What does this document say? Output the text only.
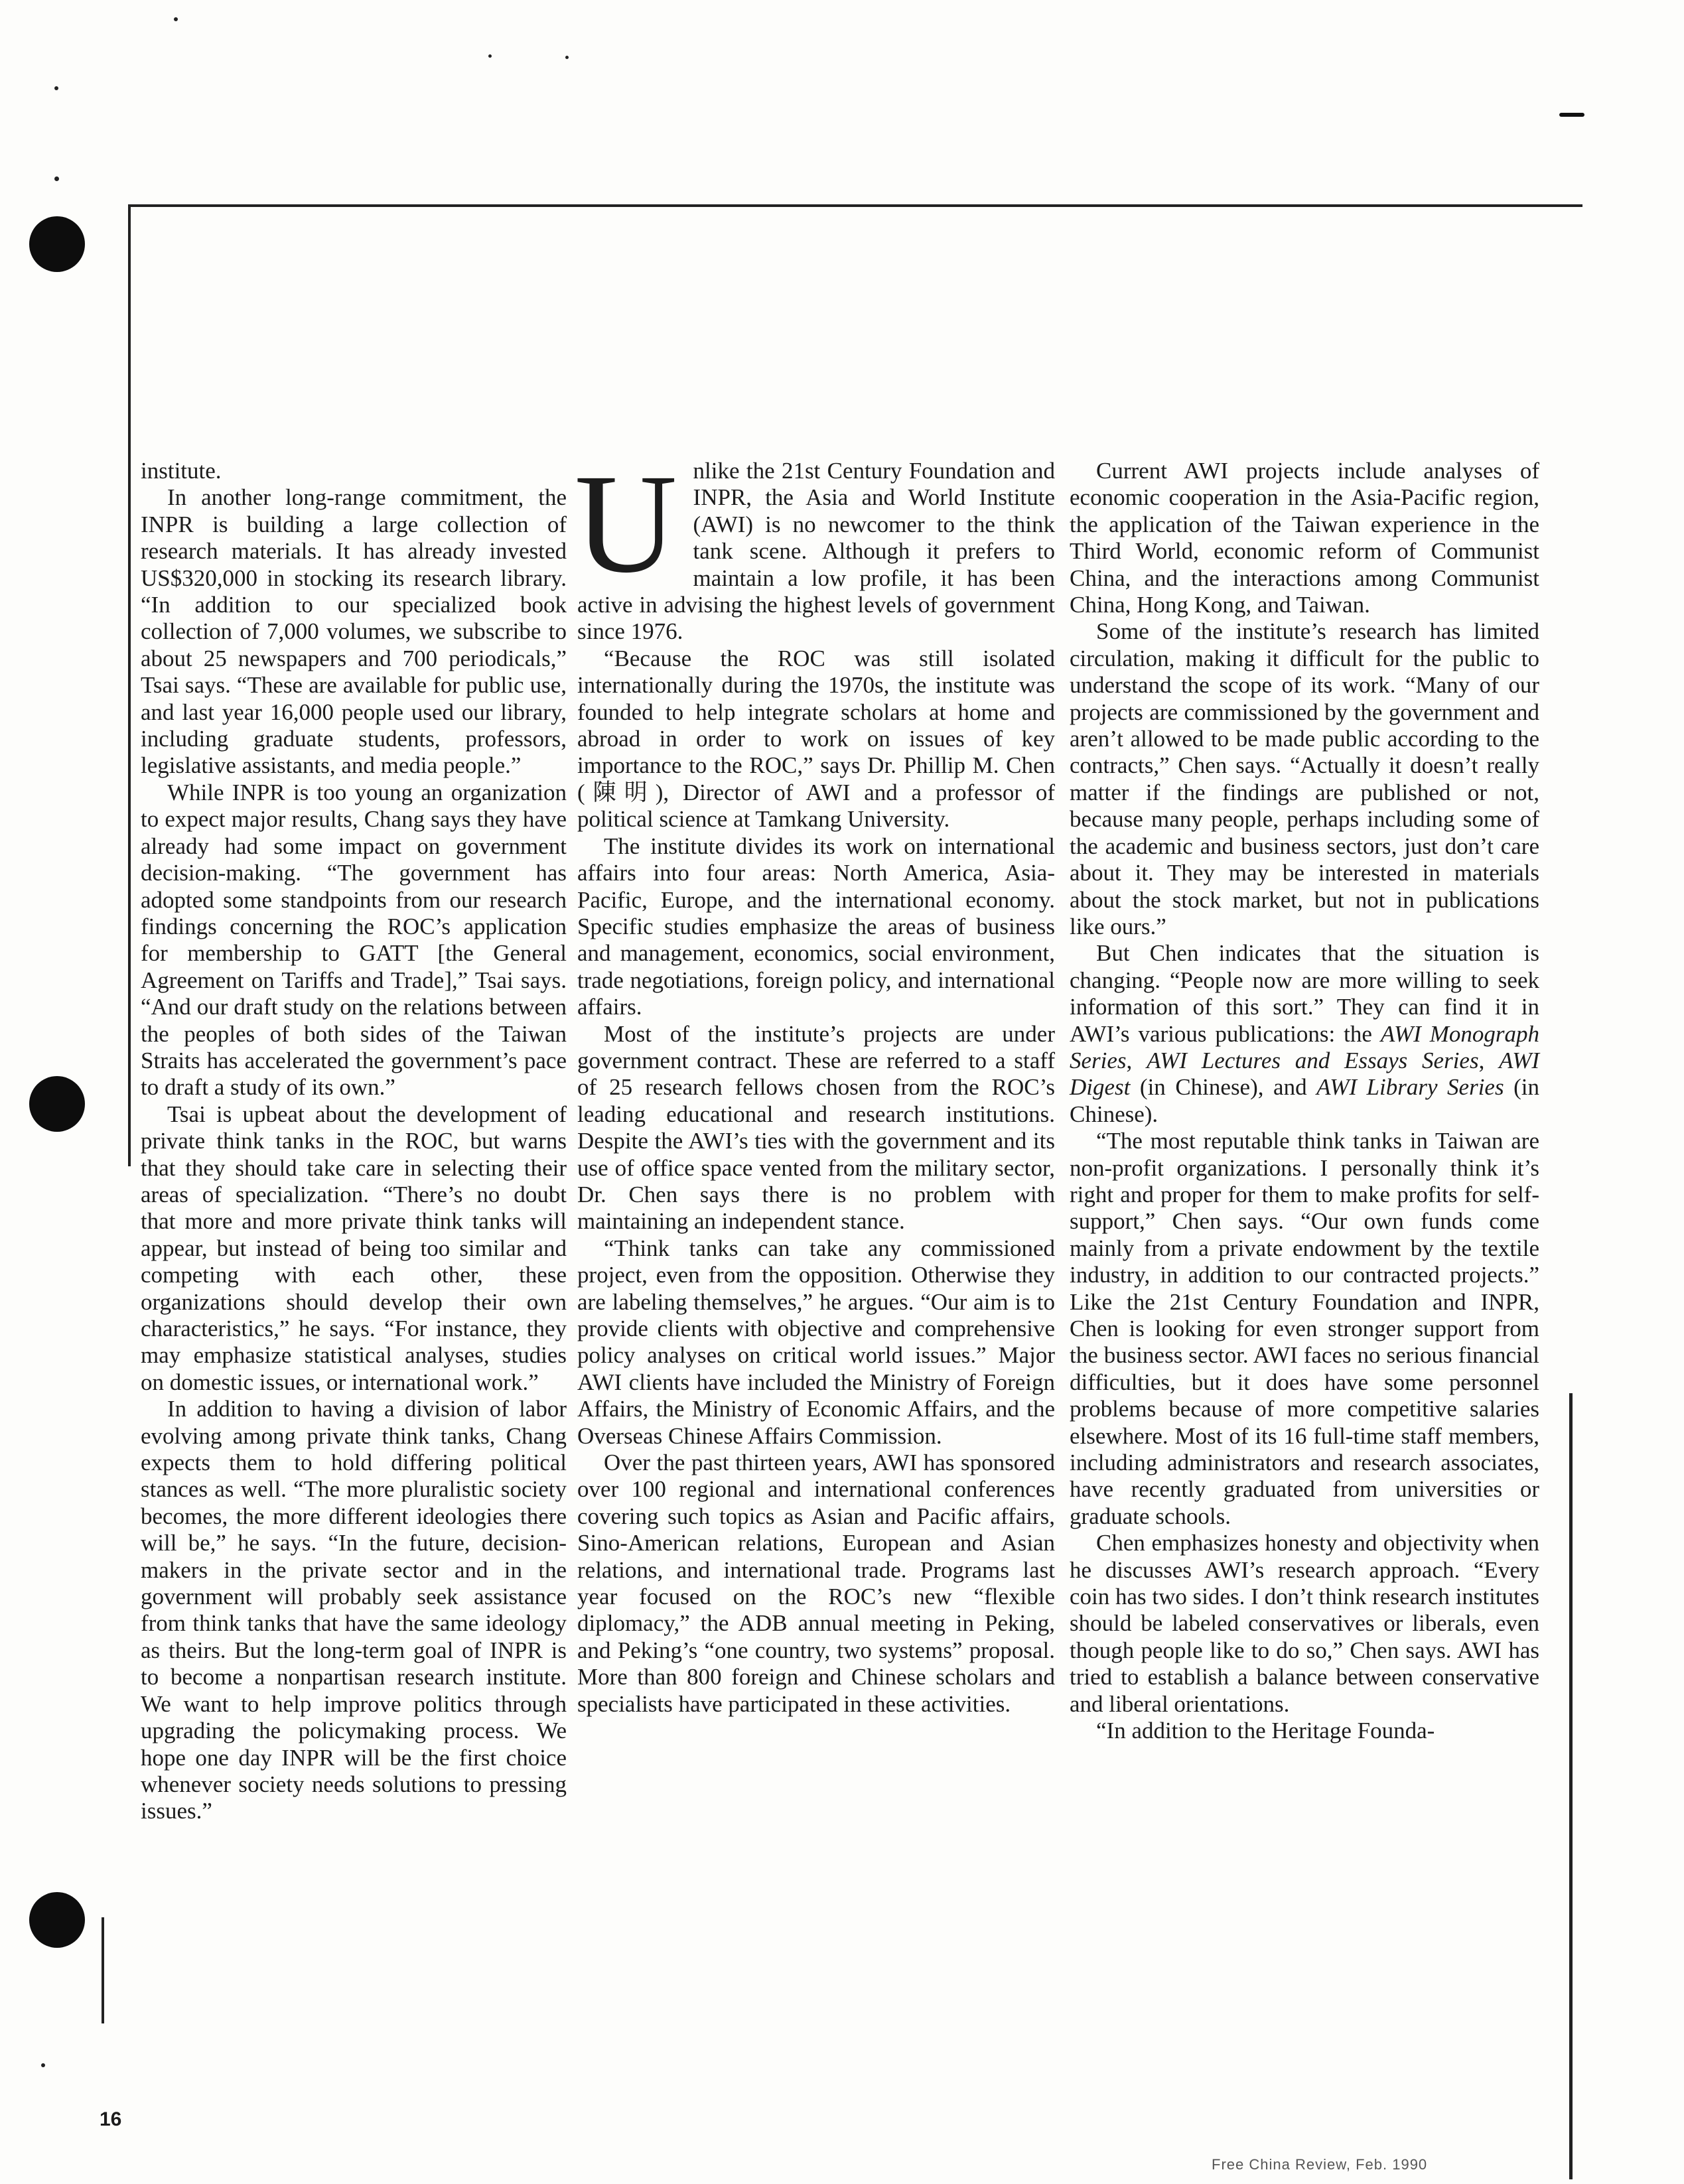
institute.

In another long-range commitment, the INPR is building a large collection of research materials. It has already invested US$320,000 in stocking its research library. “In addition to our specialized book collection of 7,000 volumes, we subscribe to about 25 newspapers and 700 periodicals,” Tsai says. “These are available for public use, and last year 16,000 people used our library, including graduate students, professors, legislative assistants, and media people.”

While INPR is too young an organization to expect major results, Chang says they have already had some impact on government decision-making. “The government has adopted some standpoints from our research findings concerning the ROC’s application for membership to GATT [the General Agreement on Tariffs and Trade],” Tsai says. “And our draft study on the relations between the peoples of both sides of the Taiwan Straits has accelerated the government’s pace to draft a study of its own.”

Tsai is upbeat about the development of private think tanks in the ROC, but warns that they should take care in selecting their areas of specialization. “There’s no doubt that more and more private think tanks will appear, but instead of being too similar and competing with each other, these organizations should develop their own characteristics,” he says. “For instance, they may emphasize statistical analyses, studies on domestic issues, or international work.”

In addition to having a division of labor evolving among private think tanks, Chang expects them to hold differing political stances as well. “The more pluralistic society becomes, the more different ideologies there will be,” he says. “In the future, decision-makers in the private sector and in the government will probably seek assistance from think tanks that have the same ideology as theirs. But the long-term goal of INPR is to become a nonpartisan research institute. We want to help improve politics through upgrading the policymaking process. We hope one day INPR will be the first choice whenever society needs solutions to pressing issues.”

Unlike the 21st Century Foundation and INPR, the Asia and World Institute (AWI) is no newcomer to the think tank scene. Although it prefers to maintain a low profile, it has been active in advising the highest levels of government since 1976.

“Because the ROC was still isolated internationally during the 1970s, the institute was founded to help integrate scholars at home and abroad in order to work on issues of key importance to the ROC,” says Dr. Phillip M. Chen (陳明), Director of AWI and a professor of political science at Tamkang University.

The institute divides its work on international affairs into four areas: North America, Asia-Pacific, Europe, and the international economy. Specific studies emphasize the areas of business and management, economics, social environment, trade negotiations, foreign policy, and international affairs.

Most of the institute’s projects are under government contract. These are referred to a staff of 25 research fellows chosen from the ROC’s leading educational and research institutions. Despite the AWI’s ties with the government and its use of office space vented from the military sector, Dr. Chen says there is no problem with maintaining an independent stance.

“Think tanks can take any commissioned project, even from the opposition. Otherwise they are labeling themselves,” he argues. “Our aim is to provide clients with objective and comprehensive policy analyses on critical world issues.” Major AWI clients have included the Ministry of Foreign Affairs, the Ministry of Economic Affairs, and the Overseas Chinese Affairs Commission.

Over the past thirteen years, AWI has sponsored over 100 regional and international conferences covering such topics as Asian and Pacific affairs, Sino-American relations, European and Asian relations, and international trade. Programs last year focused on the ROC’s new “flexible diplomacy,” the ADB annual meeting in Peking, and Peking’s “one country, two systems” proposal. More than 800 foreign and Chinese scholars and specialists have participated in these activities.

Current AWI projects include analyses of economic cooperation in the Asia-Pacific region, the application of the Taiwan experience in the Third World, economic reform of Communist China, and the interactions among Communist China, Hong Kong, and Taiwan.

Some of the institute’s research has limited circulation, making it difficult for the public to understand the scope of its work. “Many of our projects are commissioned by the government and aren’t allowed to be made public according to the contracts,” Chen says. “Actually it doesn’t really matter if the findings are published or not, because many people, perhaps including some of the academic and business sectors, just don’t care about it. They may be interested in materials about the stock market, but not in publications like ours.”

But Chen indicates that the situation is changing. “People now are more willing to seek information of this sort.” They can find it in AWI’s various publications: the AWI Monograph Series, AWI Lectures and Essays Series, AWI Digest (in Chinese), and AWI Library Series (in Chinese).

“The most reputable think tanks in Taiwan are non-profit organizations. I personally think it’s right and proper for them to make profits for self-support,” Chen says. “Our own funds come mainly from a private endowment by the textile industry, in addition to our contracted projects.” Like the 21st Century Foundation and INPR, Chen is looking for even stronger support from the business sector. AWI faces no serious financial difficulties, but it does have some personnel problems because of more competitive salaries elsewhere. Most of its 16 full-time staff members, including administrators and research associates, have recently graduated from universities or graduate schools.

Chen emphasizes honesty and objectivity when he discusses AWI’s research approach. “Every coin has two sides. I don’t think research institutes should be labeled conservatives or liberals, even though people like to do so,” Chen says. AWI has tried to establish a balance between conservative and liberal orientations.

“In addition to the Heritage Founda-

16
Free China Review, Feb. 1990
